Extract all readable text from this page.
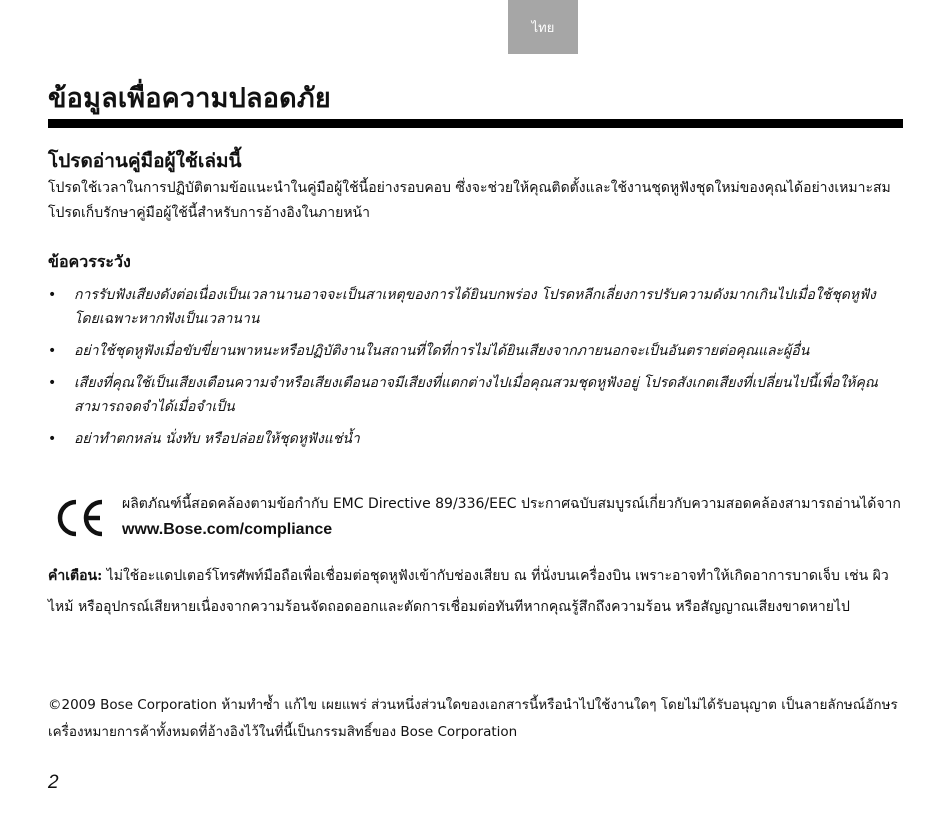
ไทย
ข้อมูลเพื่อความปลอดภัย
โปรดอ่านคู่มือผู้ใช้เล่มนี้

โปรดใช้เวลาในการปฏิบัติตามข้อแนะนำในคู่มือผู้ใช้นี้อย่างรอบคอบ ซึ่งจะช่วยให้คุณติดตั้งและใช้งานชุดหูฟังชุดใหม่ของคุณได้อย่างเหมาะสม โปรดเก็บรักษาคู่มือผู้ใช้นี้สำหรับการอ้างอิงในภายหน้า

ข้อควรระวัง
• การรับฟังเสียงดังต่อเนื่องเป็นเวลานานอาจจะเป็นสาเหตุของการได้ยินบกพร่อง โปรดหลีกเลี่ยงการปรับความดังมากเกินไปเมื่อใช้ชุดหูฟัง โดยเฉพาะหากฟังเป็นเวลานาน
• อย่าใช้ชุดหูฟังเมื่อขับขี่ยานพาหนะหรือปฏิบัติงานในสถานที่ใดที่การไม่ได้ยินเสียงจากภายนอกจะเป็นอันตรายต่อคุณและผู้อื่น
• เสียงที่คุณใช้เป็นเสียงเตือนความจำหรือเสียงเตือนอาจมีเสียงที่แตกต่างไปเมื่อคุณสวมชุดหูฟังอยู่ โปรดสังเกตเสียงที่เปลี่ยนไปนี้เพื่อให้คุณสามารถจดจำได้เมื่อจำเป็น
• อย่าทำตกหล่น นั่งทับ หรือปล่อยให้ชุดหูฟังแช่น้ำ

ผลิตภัณฑ์นี้สอดคล้องตามข้อกำกับ EMC Directive 89/336/EEC ประกาศฉบับสมบูรณ์เกี่ยวกับความสอดคล้องสามารถอ่านได้จาก www.Bose.com/compliance

คำเตือน: ไม่ใช้อะแดปเตอร์โทรศัพท์มือถือเพื่อเชื่อมต่อชุดหูฟังเข้ากับช่องเสียบ ณ ที่นั่งบนเครื่องบิน เพราะอาจทำให้เกิดอาการบาดเจ็บ เช่น ผิวไหม้ หรืออุปกรณ์เสียหายเนื่องจากความร้อนจัดถอดออกและตัดการเชื่อมต่อทันทีหากคุณรู้สึกถึงความร้อน หรือสัญญาณเสียงขาดหายไป

©2009 Bose Corporation ห้ามทำซ้ำ แก้ไข เผยแพร่ ส่วนหนึ่งส่วนใดของเอกสารนี้หรือนำไปใช้งานใดๆ โดยไม่ได้รับอนุญาต เป็นลายลักษณ์อักษร เครื่องหมายการค้าทั้งหมดที่อ้างอิงไว้ในที่นี้เป็นกรรมสิทธิ์ของ Bose Corporation

2
